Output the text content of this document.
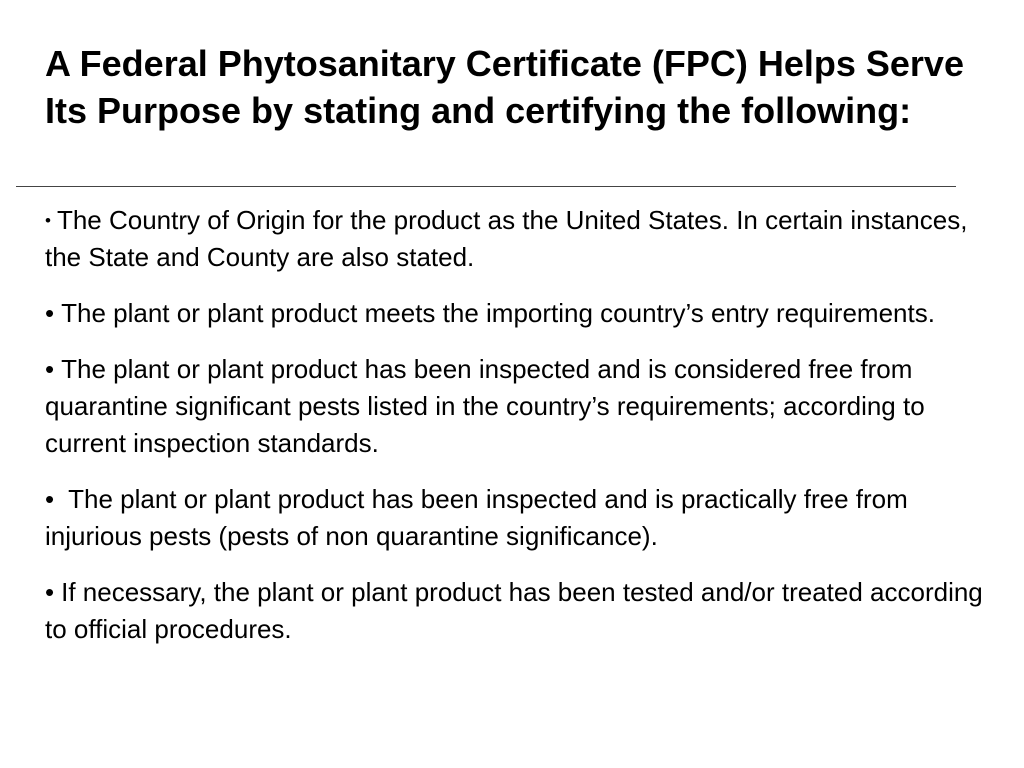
A Federal Phytosanitary Certificate (FPC) Helps Serve Its Purpose by stating and certifying the following:
• The Country of Origin for the product as the United States. In certain instances, the State and County are also stated.
• The plant or plant product meets the importing country’s entry requirements.
• The plant or plant product has been inspected and is considered free from quarantine significant pests listed in the country’s requirements; according to current inspection standards.
• The plant or plant product has been inspected and is practically free from injurious pests (pests of non quarantine significance).
• If necessary, the plant or plant product has been tested and/or treated according to official procedures.
